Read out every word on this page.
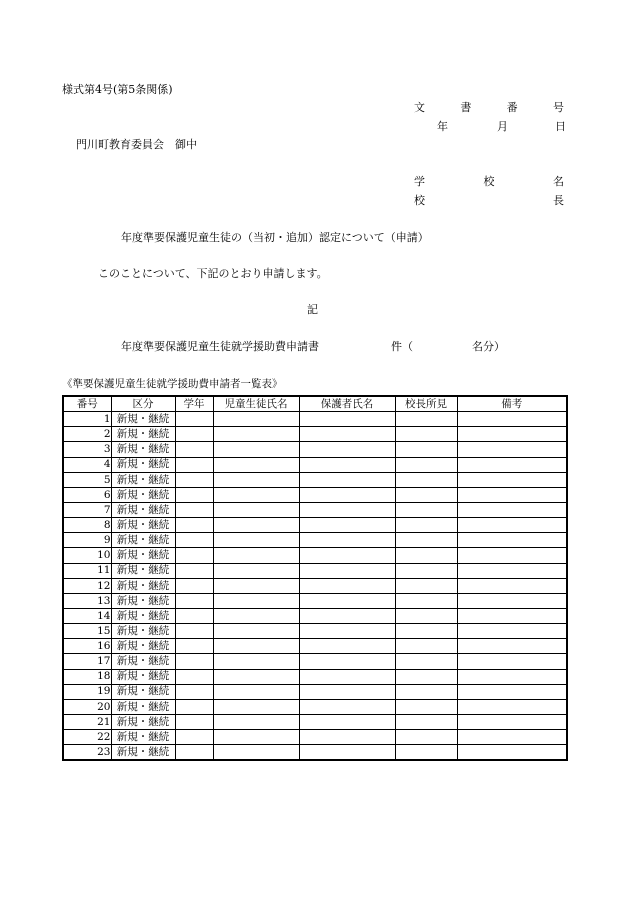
様式第4号(第5条関係)
文	書	番	号
年	月	日
門川町教育委員会　御中
学	校	名
校	長
年度準要保護児童生徒の（当初・追加）認定について（申請）
このことについて、下記のとおり申請します。
記
年度準要保護児童生徒就学援助費申請書	件（	名分）
《準要保護児童生徒就学援助費申請者一覧表》
番号	区分	学年	児童生徒氏名	保護者氏名	校長所見	備考
1	新規・継続					
2	新規・継続					
3	新規・継続					
4	新規・継続					
5	新規・継続					
6	新規・継続					
7	新規・継続					
8	新規・継続					
9	新規・継続					
10	新規・継続					
11	新規・継続					
12	新規・継続					
13	新規・継続					
14	新規・継続					
15	新規・継続					
16	新規・継続					
17	新規・継続					
18	新規・継続					
19	新規・継続					
20	新規・継続					
21	新規・継続					
22	新規・継続					
23	新規・継続					
